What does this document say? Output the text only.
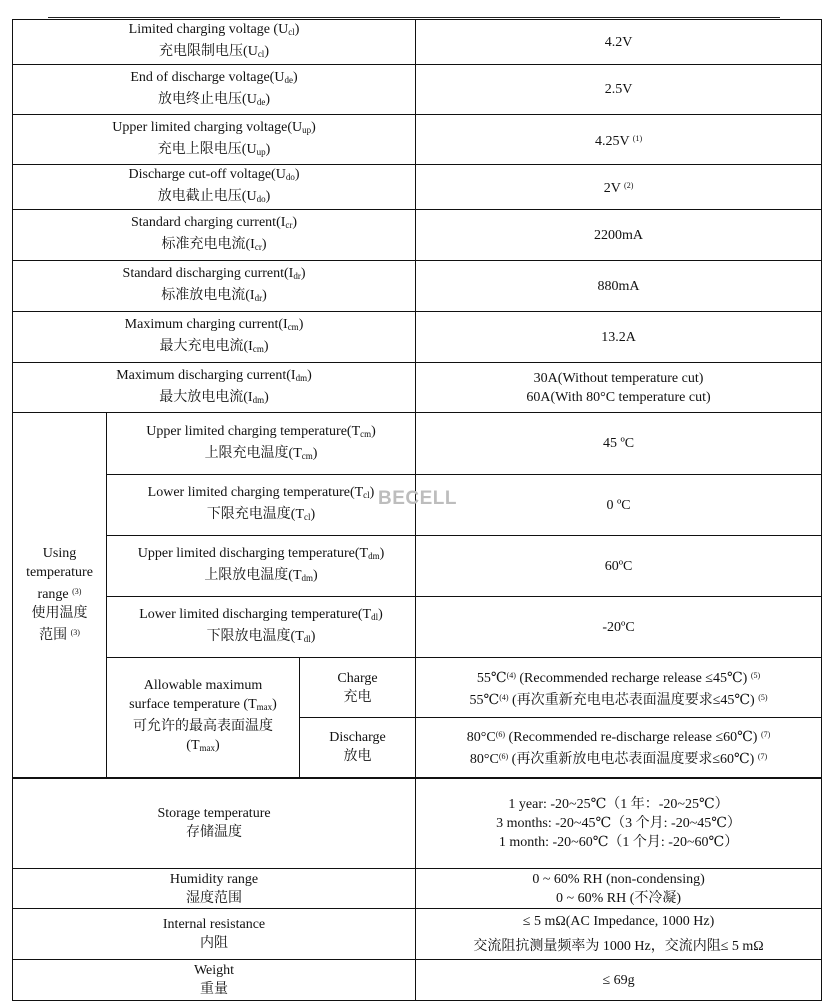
Limited charging voltage (Ucl)
充电限制电压(Ucl)			4.2V

End of discharge voltage(Ude)
放电终止电压(Ude)			2.5V

Upper limited charging voltage(Uup)
充电上限电压(Uup)			4.25V $^{(1)}$

Discharge cut-off voltage(Udo)
放电截止电压(Udo)			2V $^{(2)}$

Standard charging current(Icr)
标准充电电流(Icr)			2200mA

Standard discharging current(Idr)
标准放电电流(Idr)			880mA

Maximum charging current(Icm)
最大充电电流(Icm)			13.2A

Maximum discharging current(Idm)
最大放电电流(Idm)			30A(Without temperature cut)
60A(With 80°C temperature cut)

Using
temperature
range $^{(3)}$
使用温度
范围 $^{(3)}$	Upper limited charging temperature(Tcm)
上限充电温度(Tcm)		45 ºC

	Lower limited charging temperature(Tcl)
下限充电温度(Tcl)		0 ºC

	Upper limited discharging temperature(Tdm)
上限放电温度(Tdm)		60ºC

	Lower limited discharging temperature(Tdl)
下限放电温度(Tdl)		-20ºC

	Allowable maximum
surface temperature (Tmax)
可允许的最高表面温度
(Tmax)	Charge
充电	55℃$^{(4)}$ (Recommended recharge release ≤45℃) $^{(5)}$
55℃$^{(4)}$ (再次重新充电电芯表面温度要求≤45℃) $^{(5)}$

		Discharge
放电	$80^\circ C^{(6)}$ (Recommended re-discharge release ≤60℃) $^{(7)}$
$80^\circ C^{(6)}$ (再次重新放电电芯表面温度要求≤60℃) $^{(7)}$

Storage temperature
存储温度			1 year: -20~25℃（1 年：-20~25℃）
3 months: -20~45℃（3 个月: -20~45℃）
1 month: -20~60℃（1 个月: -20~60℃）

Humidity range
湿度范围			0 ~ 60% RH (non-condensing)
0 ~ 60% RH (不冷凝)

Internal resistance
内阻			≤ 5 mΩ(AC Impedance, 1000 Hz)
交流阻抗测量频率为 1000 Hz，交流内阻≤ 5 mΩ

Weight
重量			≤ 69g
BECELL
